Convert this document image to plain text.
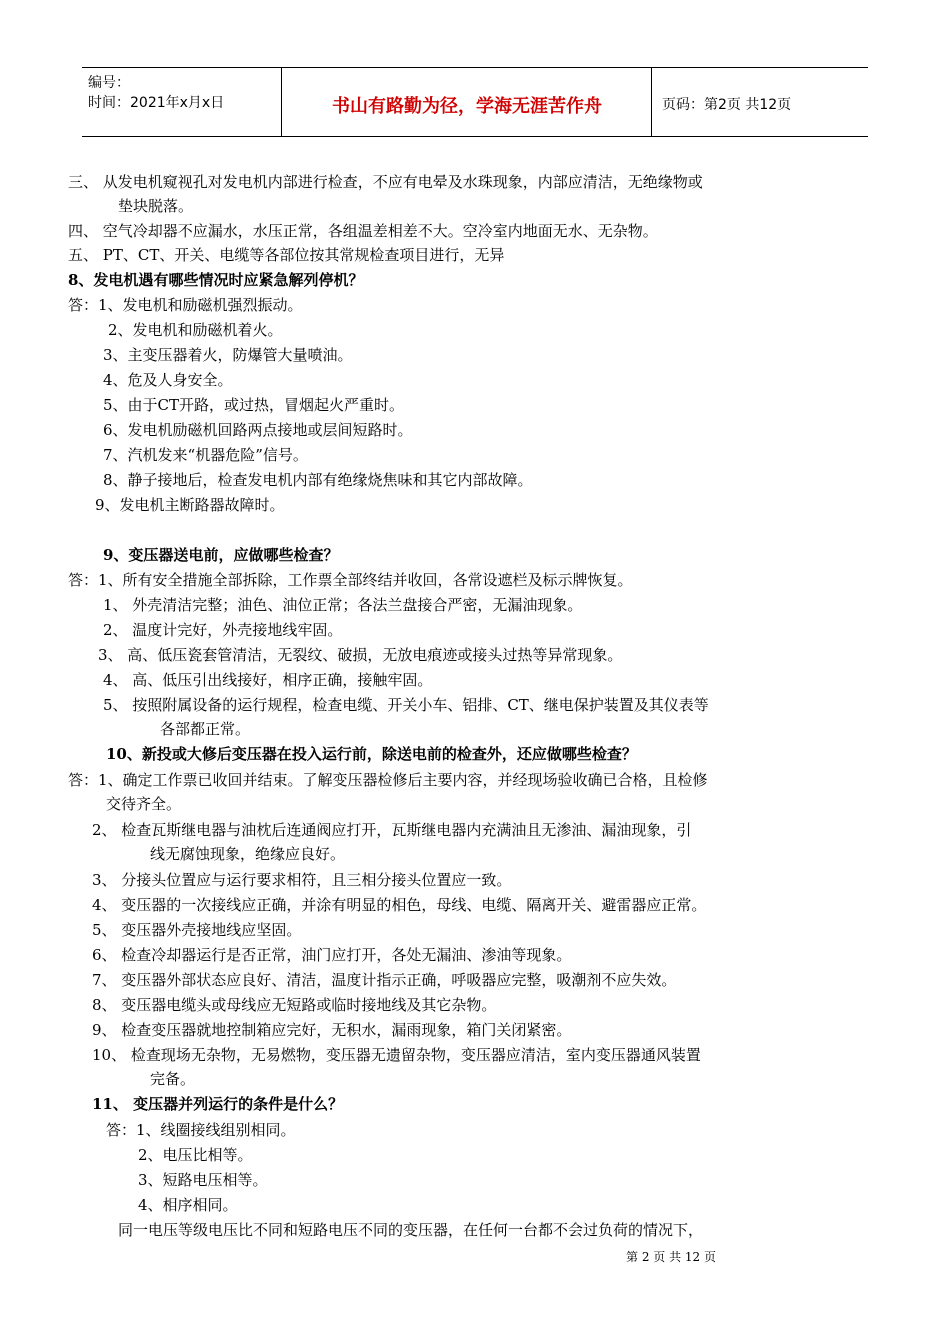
编号：
时间：2021年x月x日	书山有路勤为径，学海无涯苦作舟	页码：第2页 共12页
三、 从发电机窥视孔对发电机内部进行检查，不应有电晕及水珠现象，内部应清洁，无绝缘物或
垫块脱落。
四、 空气冷却器不应漏水，水压正常，各组温差相差不大。空冷室内地面无水、无杂物。
五、 PT、CT、开关、电缆等各部位按其常规检查项目进行，无异
8、发电机遇有哪些情况时应紧急解列停机？
答：1、发电机和励磁机强烈振动。
2、发电机和励磁机着火。
3、主变压器着火，防爆管大量喷油。
4、危及人身安全。
5、由于CT开路，或过热，冒烟起火严重时。
6、发电机励磁机回路两点接地或层间短路时。
7、汽机发来“机器危险”信号。
8、静子接地后，检查发电机内部有绝缘烧焦味和其它内部故障。
9、发电机主断路器故障时。
9、变压器送电前，应做哪些检查？
答：1、所有安全措施全部拆除，工作票全部终结并收回，各常设遮栏及标示牌恢复。
1、 外壳清洁完整；油色、油位正常；各法兰盘接合严密，无漏油现象。
2、 温度计完好，外壳接地线牢固。
3、 高、低压瓷套管清洁，无裂纹、破损，无放电痕迹或接头过热等异常现象。
4、 高、低压引出线接好，相序正确，接触牢固。
5、 按照附属设备的运行规程，检查电缆、开关小车、铝排、CT、继电保护装置及其仪表等
各部都正常。
10、新投或大修后变压器在投入运行前，除送电前的检查外，还应做哪些检查？
答：1、确定工作票已收回并结束。了解变压器检修后主要内容，并经现场验收确已合格，且检修
交待齐全。
2、 检查瓦斯继电器与油枕后连通阀应打开，瓦斯继电器内充满油且无渗油、漏油现象，引
线无腐蚀现象，绝缘应良好。
3、 分接头位置应与运行要求相符，且三相分接头位置应一致。
4、 变压器的一次接线应正确，并涂有明显的相色，母线、电缆、隔离开关、避雷器应正常。
5、 变压器外壳接地线应坚固。
6、 检查冷却器运行是否正常，油门应打开，各处无漏油、渗油等现象。
7、 变压器外部状态应良好、清洁，温度计指示正确，呼吸器应完整，吸潮剂不应失效。
8、 变压器电缆头或母线应无短路或临时接地线及其它杂物。
9、 检查变压器就地控制箱应完好，无积水，漏雨现象，箱门关闭紧密。
10、 检查现场无杂物，无易燃物，变压器无遗留杂物，变压器应清洁，室内变压器通风装置
完备。
11、 变压器并列运行的条件是什么？
答：1、线圈接线组别相同。
2、电压比相等。
3、短路电压相等。
4、相序相同。
同一电压等级电压比不同和短路电压不同的变压器，在任何一台都不会过负荷的情况下，
第 2 页 共 12 页
